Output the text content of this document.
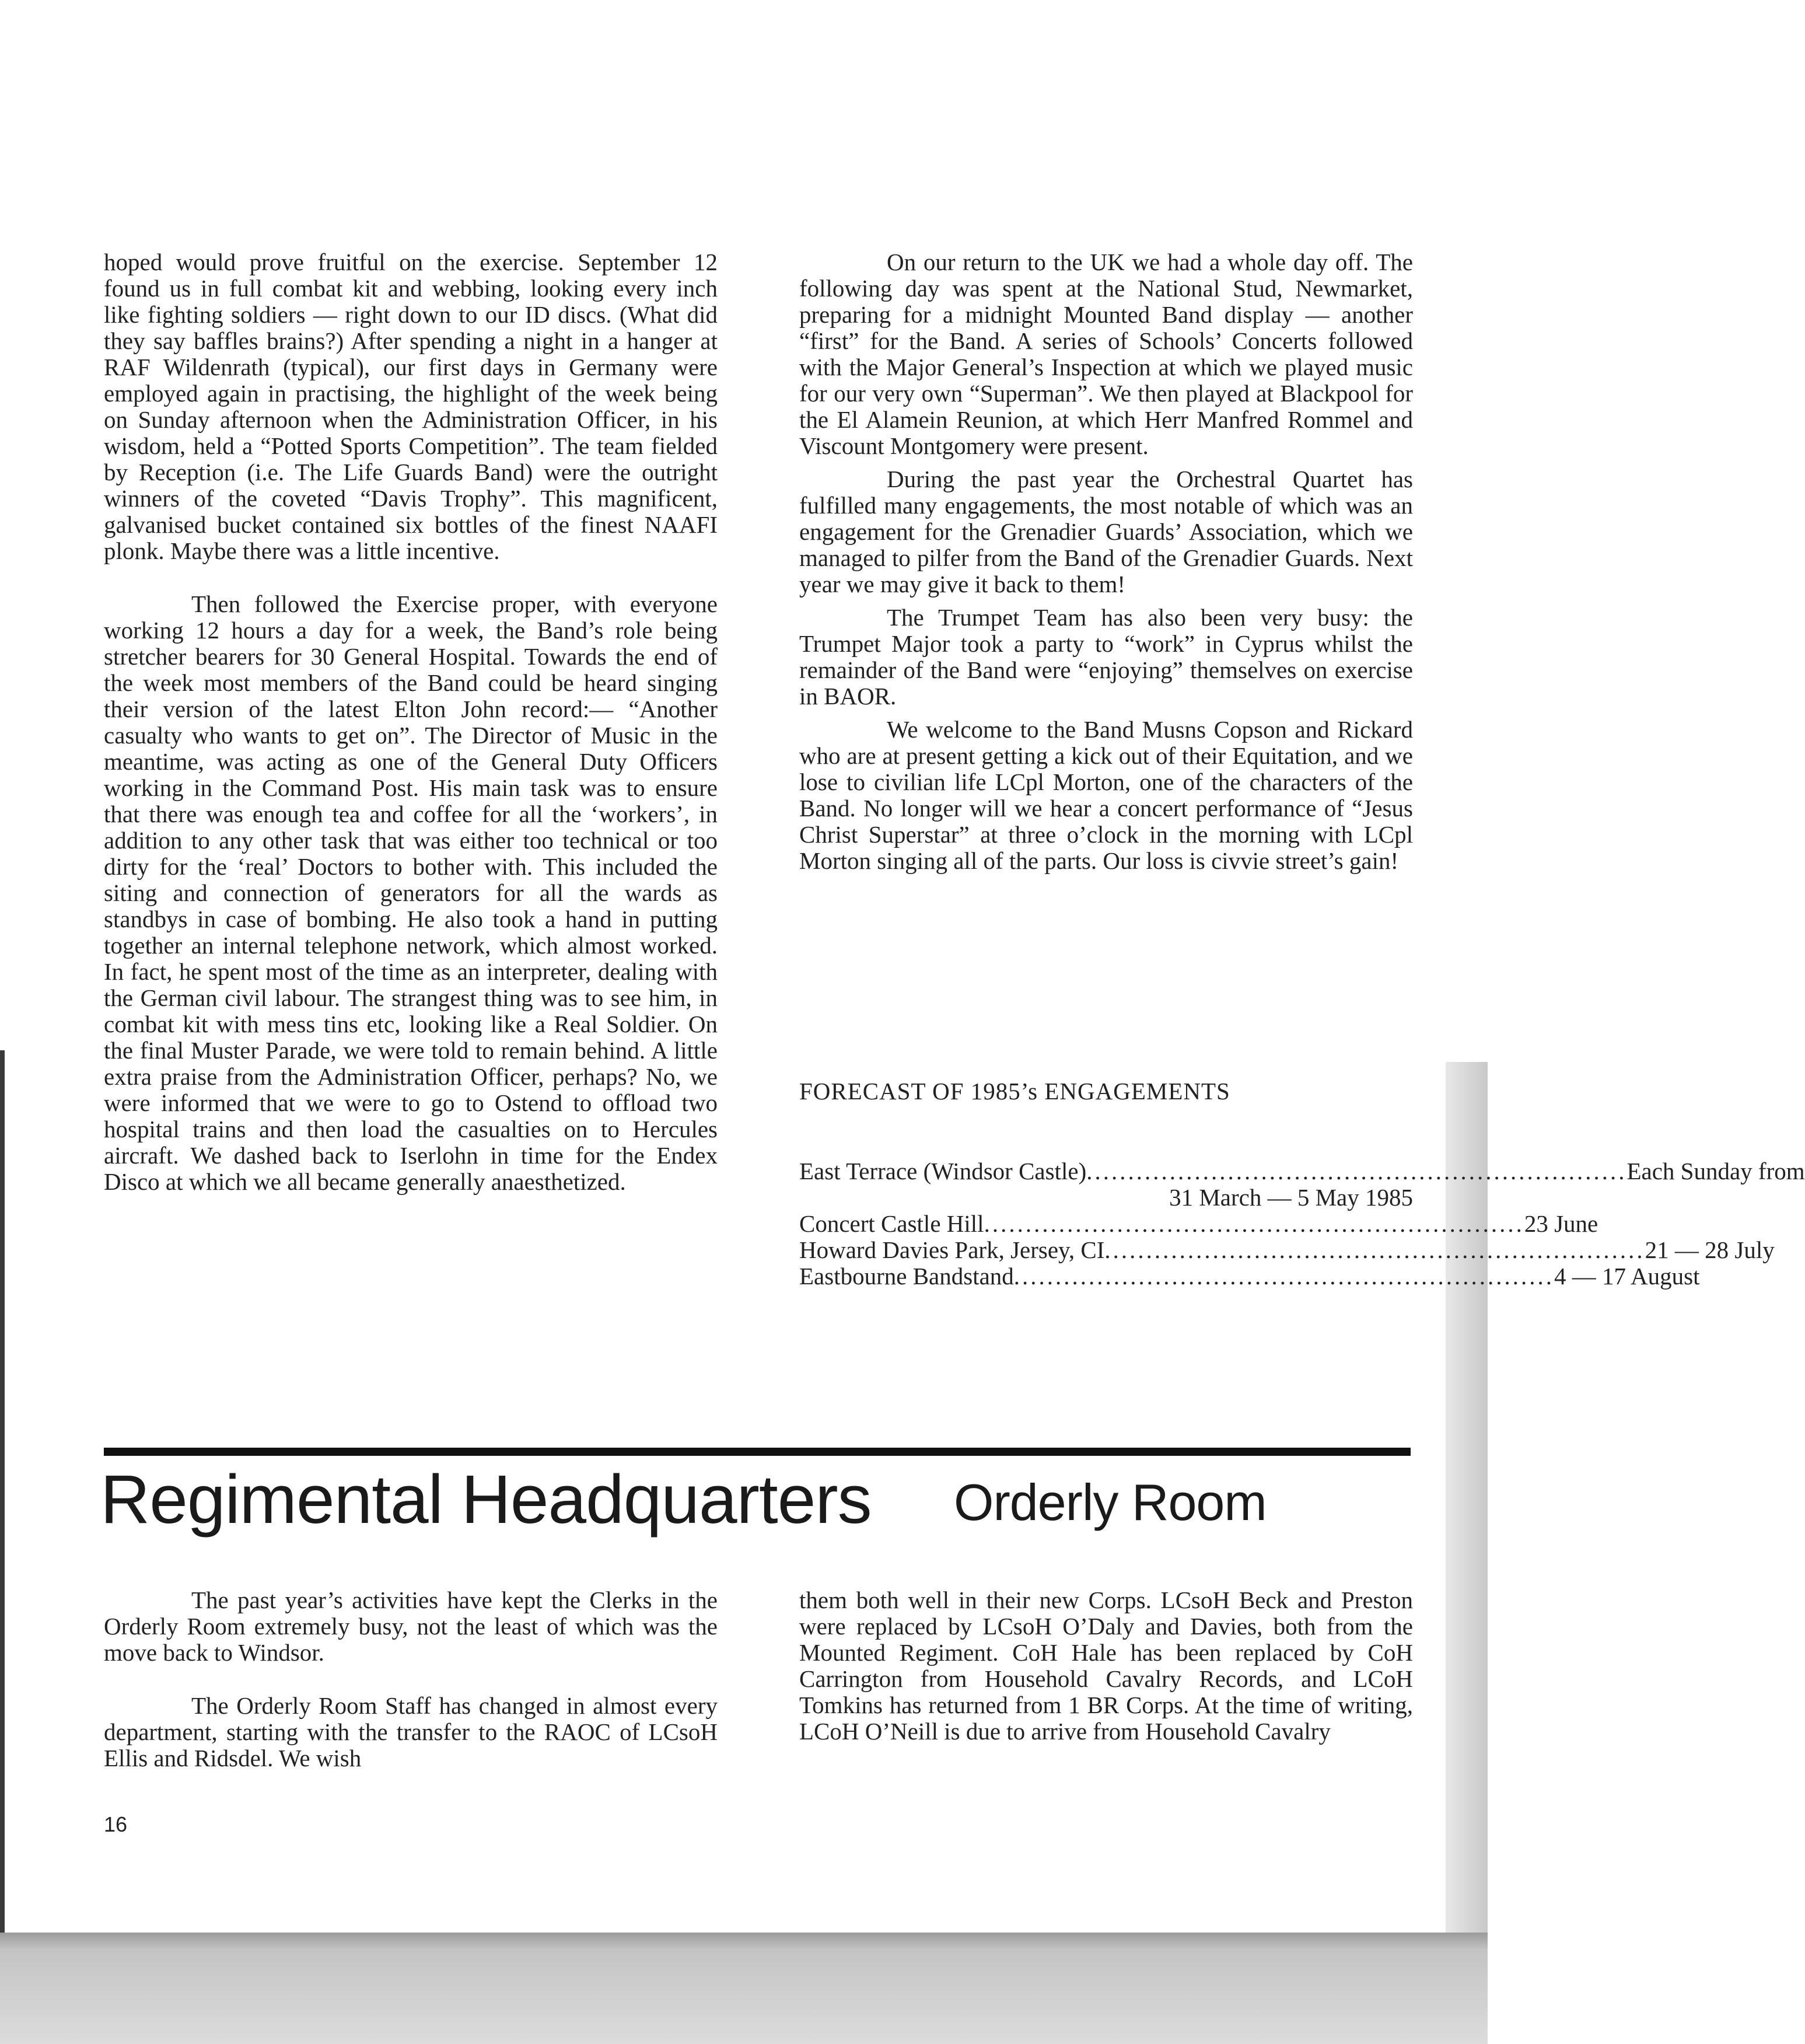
hoped would prove fruitful on the exercise. September 12 found us in full combat kit and webbing, looking every inch like fighting soldiers — right down to our ID discs. (What did they say baffles brains?) After spending a night in a hanger at RAF Wildenrath (typical), our first days in Germany were employed again in practising, the highlight of the week being on Sunday afternoon when the Administration Officer, in his wisdom, held a “Potted Sports Competition”. The team fielded by Reception (i.e. The Life Guards Band) were the outright winners of the coveted “Davis Trophy”. This magnificent, galvanised bucket contained six bottles of the finest NAAFI plonk. Maybe there was a little incentive.

Then followed the Exercise proper, with everyone working 12 hours a day for a week, the Band’s role being stretcher bearers for 30 General Hospital. Towards the end of the week most members of the Band could be heard singing their version of the latest Elton John record:— “Another casualty who wants to get on”. The Director of Music in the meantime, was acting as one of the General Duty Officers working in the Command Post. His main task was to ensure that there was enough tea and coffee for all the ‘workers’, in addition to any other task that was either too technical or too dirty for the ‘real’ Doctors to bother with. This included the siting and connection of generators for all the wards as standbys in case of bombing. He also took a hand in putting together an internal telephone network, which almost worked. In fact, he spent most of the time as an interpreter, dealing with the German civil labour. The strangest thing was to see him, in combat kit with mess tins etc, looking like a Real Soldier. On the final Muster Parade, we were told to remain behind. A little extra praise from the Administration Officer, perhaps? No, we were informed that we were to go to Ostend to offload two hospital trains and then load the casualties on to Hercules aircraft. We dashed back to Iserlohn in time for the Endex Disco at which we all became generally anaesthetized.

On our return to the UK we had a whole day off. The following day was spent at the National Stud, Newmarket, preparing for a midnight Mounted Band display — another “first” for the Band. A series of Schools’ Concerts followed with the Major General’s Inspection at which we played music for our very own “Superman”. We then played at Blackpool for the El Alamein Reunion, at which Herr Manfred Rommel and Viscount Montgomery were present.

During the past year the Orchestral Quartet has fulfilled many engagements, the most notable of which was an engagement for the Grenadier Guards’ Association, which we managed to pilfer from the Band of the Grenadier Guards. Next year we may give it back to them!

The Trumpet Team has also been very busy: the Trumpet Major took a party to “work” in Cyprus whilst the remainder of the Band were “enjoying” themselves on exercise in BAOR.

We welcome to the Band Musns Copson and Rickard who are at present getting a kick out of their Equitation, and we lose to civilian life LCpl Morton, one of the characters of the Band. No longer will we hear a concert performance of “Jesus Christ Superstar” at three o’clock in the morning with LCpl Morton singing all of the parts. Our loss is civvie street’s gain!

FORECAST OF 1985’s ENGAGEMENTS
East Terrace (Windsor Castle) ................................................................. Each Sunday from
31 March — 5 May 1985
Concert Castle Hill ................................................................. 23 June
Howard Davies Park, Jersey, CI ................................................................. 21 — 28 July
Eastbourne Bandstand ................................................................. 4 — 17 August
Regimental Headquarters Orderly Room

The past year’s activities have kept the Clerks in the Orderly Room extremely busy, not the least of which was the move back to Windsor.

The Orderly Room Staff has changed in almost every department, starting with the transfer to the RAOC of LCsoH Ellis and Ridsdel. We wish

them both well in their new Corps. LCsoH Beck and Preston were replaced by LCsoH O’Daly and Davies, both from the Mounted Regiment. CoH Hale has been replaced by CoH Carrington from Household Cavalry Records, and LCoH Tomkins has returned from 1 BR Corps. At the time of writing, LCoH O’Neill is due to arrive from Household Cavalry

16
